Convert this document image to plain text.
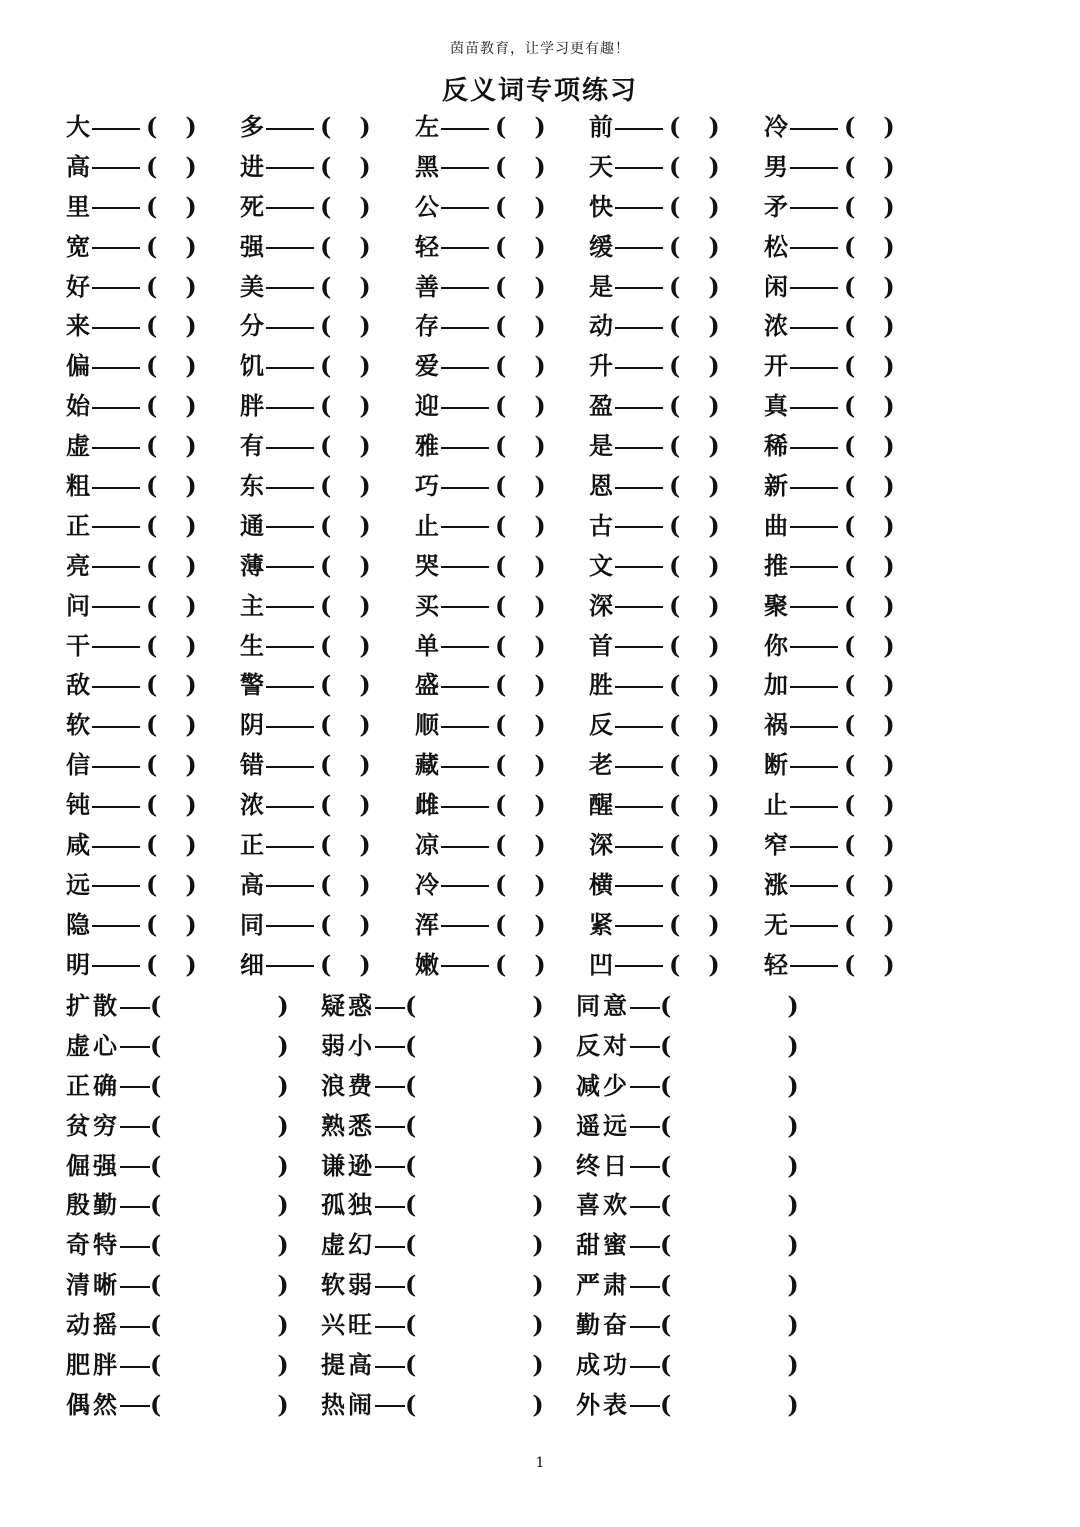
茵苗教育，让学习更有趣！
反义词专项练习
大 ( ) 多 ( ) 左 ( ) 前 ( ) 冷 ( )
高 ( ) 进 ( ) 黑 ( ) 天 ( ) 男 ( )
里 ( ) 死 ( ) 公 ( ) 快 ( ) 矛 ( )
宽 ( ) 强 ( ) 轻 ( ) 缓 ( ) 松 ( )
好 ( ) 美 ( ) 善 ( ) 是 ( ) 闲 ( )
来 ( ) 分 ( ) 存 ( ) 动 ( ) 浓 ( )
偏 ( ) 饥 ( ) 爱 ( ) 升 ( ) 开 ( )
始 ( ) 胖 ( ) 迎 ( ) 盈 ( ) 真 ( )
虚 ( ) 有 ( ) 雅 ( ) 是 ( ) 稀 ( )
粗 ( ) 东 ( ) 巧 ( ) 恩 ( ) 新 ( )
正 ( ) 通 ( ) 止 ( ) 古 ( ) 曲 ( )
亮 ( ) 薄 ( ) 哭 ( ) 文 ( ) 推 ( )
问 ( ) 主 ( ) 买 ( ) 深 ( ) 聚 ( )
干 ( ) 生 ( ) 单 ( ) 首 ( ) 你 ( )
敌 ( ) 警 ( ) 盛 ( ) 胜 ( ) 加 ( )
软 ( ) 阴 ( ) 顺 ( ) 反 ( ) 祸 ( )
信 ( ) 错 ( ) 藏 ( ) 老 ( ) 断 ( )
钝 ( ) 浓 ( ) 雌 ( ) 醒 ( ) 止 ( )
咸 ( ) 正 ( ) 凉 ( ) 深 ( ) 窄 ( )
远 ( ) 高 ( ) 冷 ( ) 横 ( ) 涨 ( )
隐 ( ) 同 ( ) 浑 ( ) 紧 ( ) 无 ( )
明 ( ) 细 ( ) 嫩 ( ) 凹 ( ) 轻 ( )
扩散 (	) 疑惑 (	) 同意 (	)
虚心 (	) 弱小 (	) 反对 (	)
正确 (	) 浪费 (	) 减少 (	)
贫穷 (	) 熟悉 (	) 遥远 (	)
倔强 (	) 谦逊 (	) 终日 (	)
殷勤 (	) 孤独 (	) 喜欢 (	)
奇特 (	) 虚幻 (	) 甜蜜 (	)
清晰 (	) 软弱 (	) 严肃 (	)
动摇 (	) 兴旺 (	) 勤奋 (	)
肥胖 (	) 提高 (	) 成功 (	)
偶然 (	) 热闹 (	) 外表 (	)
1
